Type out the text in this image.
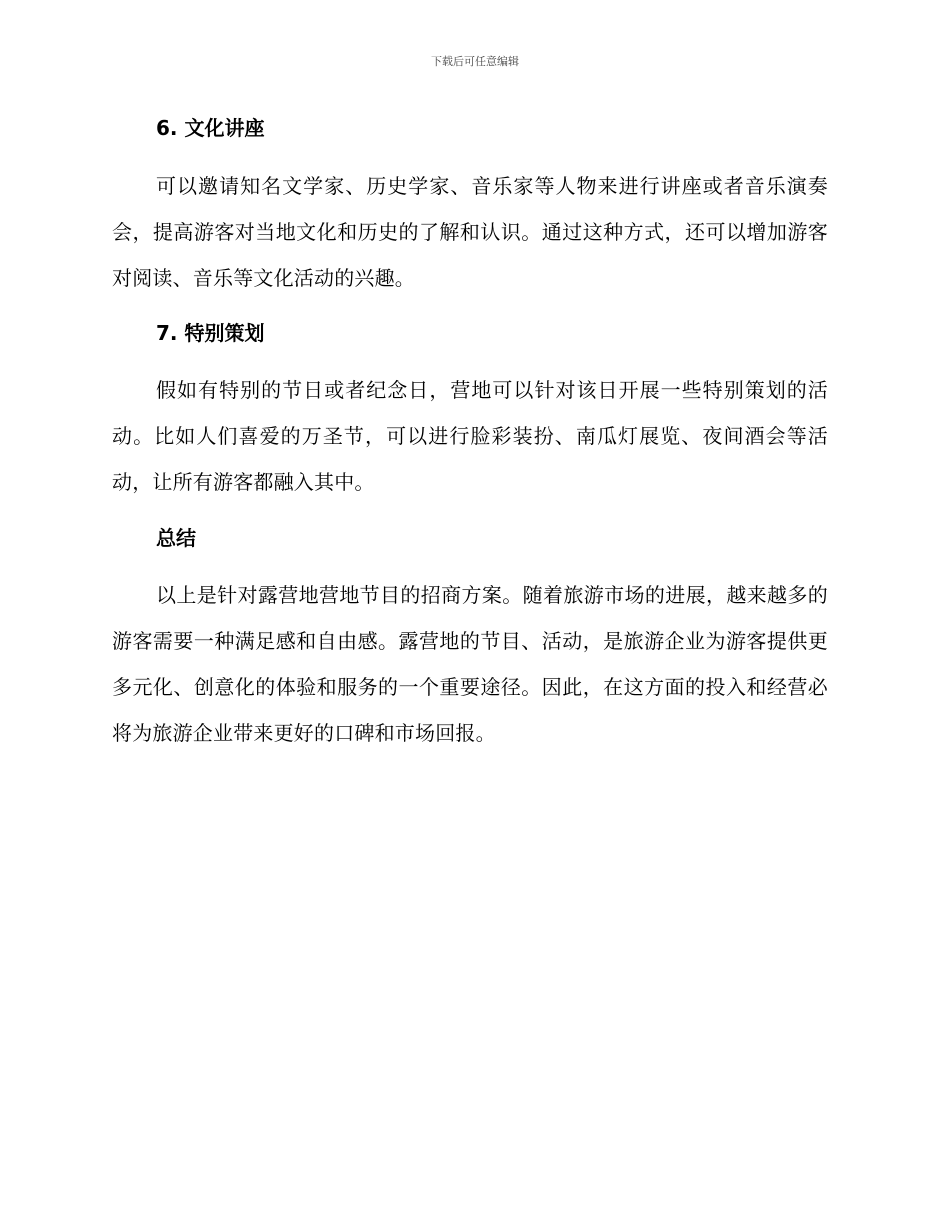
下载后可任意编辑
6. 文化讲座
可以邀请知名文学家、历史学家、音乐家等人物来进行讲座或者音乐演奏会，提高游客对当地文化和历史的了解和认识。通过这种方式，还可以增加游客对阅读、音乐等文化活动的兴趣。
7. 特别策划
假如有特别的节日或者纪念日，营地可以针对该日开展一些特别策划的活动。比如人们喜爱的万圣节，可以进行脸彩装扮、南瓜灯展览、夜间酒会等活动，让所有游客都融入其中。
总结
以上是针对露营地营地节目的招商方案。随着旅游市场的进展，越来越多的游客需要一种满足感和自由感。露营地的节目、活动，是旅游企业为游客提供更多元化、创意化的体验和服务的一个重要途径。因此，在这方面的投入和经营必将为旅游企业带来更好的口碑和市场回报。
